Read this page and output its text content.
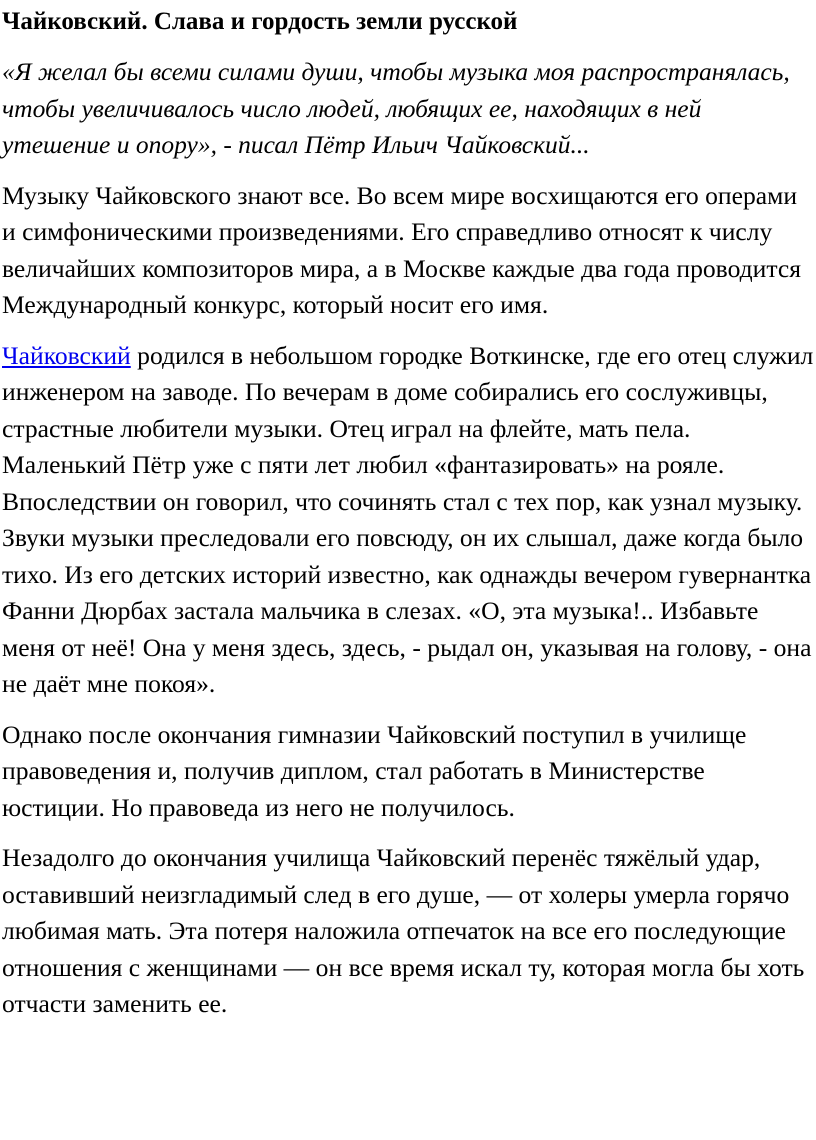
Чайковский. Слава и гордость земли русской
«Я желал бы всеми силами души, чтобы музыка моя распространялась, чтобы увеличивалось число людей, любящих ее, находящих в ней утешение и опору», - писал Пётр Ильич Чайковский...
Музыку Чайковского знают все. Во всем мире восхищаются его операми и симфоническими произведениями. Его справедливо относят к числу величайших композиторов мира, а в Москве каждые два года проводится Международный конкурс, который носит его имя.
Чайковский родился в небольшом городке Воткинске, где его отец служил инженером на заводе. По вечерам в доме собирались его сослуживцы, страстные любители музыки. Отец играл на флейте, мать пела. Маленький Пётр уже с пяти лет любил «фантазировать» на рояле. Впоследствии он говорил, что сочинять стал с тех пор, как узнал музыку. Звуки музыки преследовали его повсюду, он их слышал, даже когда было тихо. Из его детских историй известно, как однажды вечером гувернантка Фанни Дюрбах застала мальчика в слезах. «О, эта музыка!.. Избавьте меня от неё! Она у меня здесь, здесь, - рыдал он, указывая на голову, - она не даёт мне покоя».
Однако после окончания гимназии Чайковский поступил в училище правоведения и, получив диплом, стал работать в Министерстве юстиции. Но правоведа из него не получилось.
Незадолго до окончания училища Чайковский перенёс тяжёлый удар, оставивший неизгладимый след в его душе, — от холеры умерла горячо любимая мать. Эта потеря наложила отпечаток на все его последующие отношения с женщинами — он все время искал ту, которая могла бы хоть отчасти заменить ее.
